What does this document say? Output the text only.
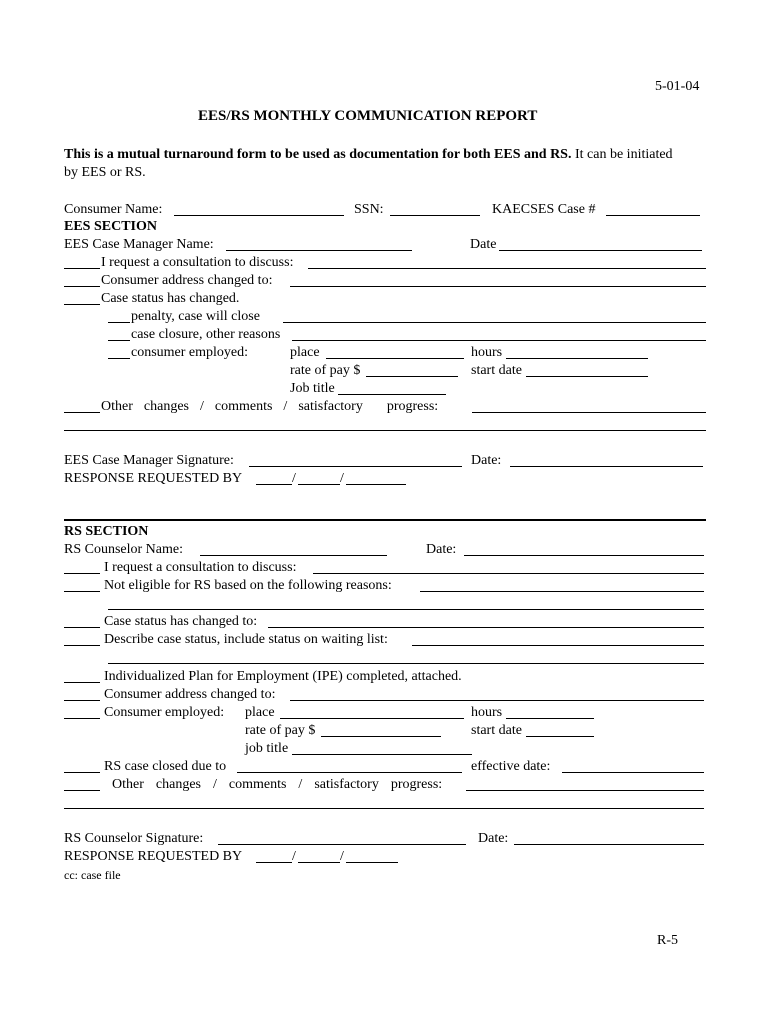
5-01-04
EES/RS MONTHLY COMMUNICATION REPORT
This is a mutual turnaround form to be used as documentation for both EES and RS. It can be initiated
by EES or RS.
Consumer Name:	SSN:	KAECSES Case #
EES SECTION
EES Case Manager Name:	Date
I request a consultation to discuss:
Consumer address changed to:
Case status has changed.
penalty, case will close
case closure, other reasons
consumer employed:	place	hours
rate of pay $	start date
Job title
Other changes / comments / satisfactory progress:
EES Case Manager Signature:	Date:
RESPONSE REQUESTED BY	/	/
RS SECTION
RS Counselor Name:	Date:
I request a consultation to discuss:
Not eligible for RS based on the following reasons:
Case status has changed to:
Describe case status, include status on waiting list:
Individualized Plan for Employment (IPE) completed, attached.
Consumer address changed to:
Consumer employed: place	hours
rate of pay $	start date
job title
RS case closed due to	effective date:
Other changes / comments / satisfactory progress:
RS Counselor Signature:	Date:
RESPONSE REQUESTED BY	/	/
cc: case file
R-5
